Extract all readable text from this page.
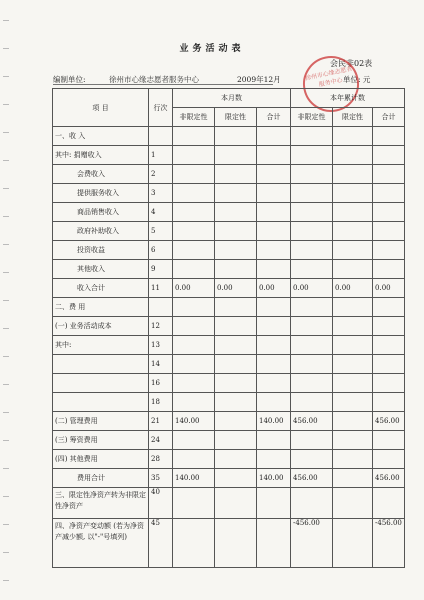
业务活动表
会民非02表
编制单位:	徐州市心缘志愿者服务中心	2009年12月	单位: 元
徐州市心缘志愿者服务中心
项 目	行次	本月数			本年累计数		
		非限定性	限定性	合计	非限定性	限定性	合计
一、收 入							
其中: 捐赠收入	1						
会费收入	2						
提供服务收入	3						
商品销售收入	4						
政府补助收入	5						
投资收益	6						
其他收入	9						
收入合计	11	0.00	0.00	0.00	0.00	0.00	0.00
二、费 用							
(一) 业务活动成本	12						
其中:	13						
	14						
	16						
	18						
(二) 管理费用	21	140.00		140.00	456.00		456.00
(三) 筹资费用	24						
(四) 其他费用	28						
费用合计	35	140.00		140.00	456.00		456.00
三、限定性净资产转为非限定性净资产	40						
四、净资产变动额 (若为净资产减少额, 以"-"号填列)	45				-456.00		-456.00
